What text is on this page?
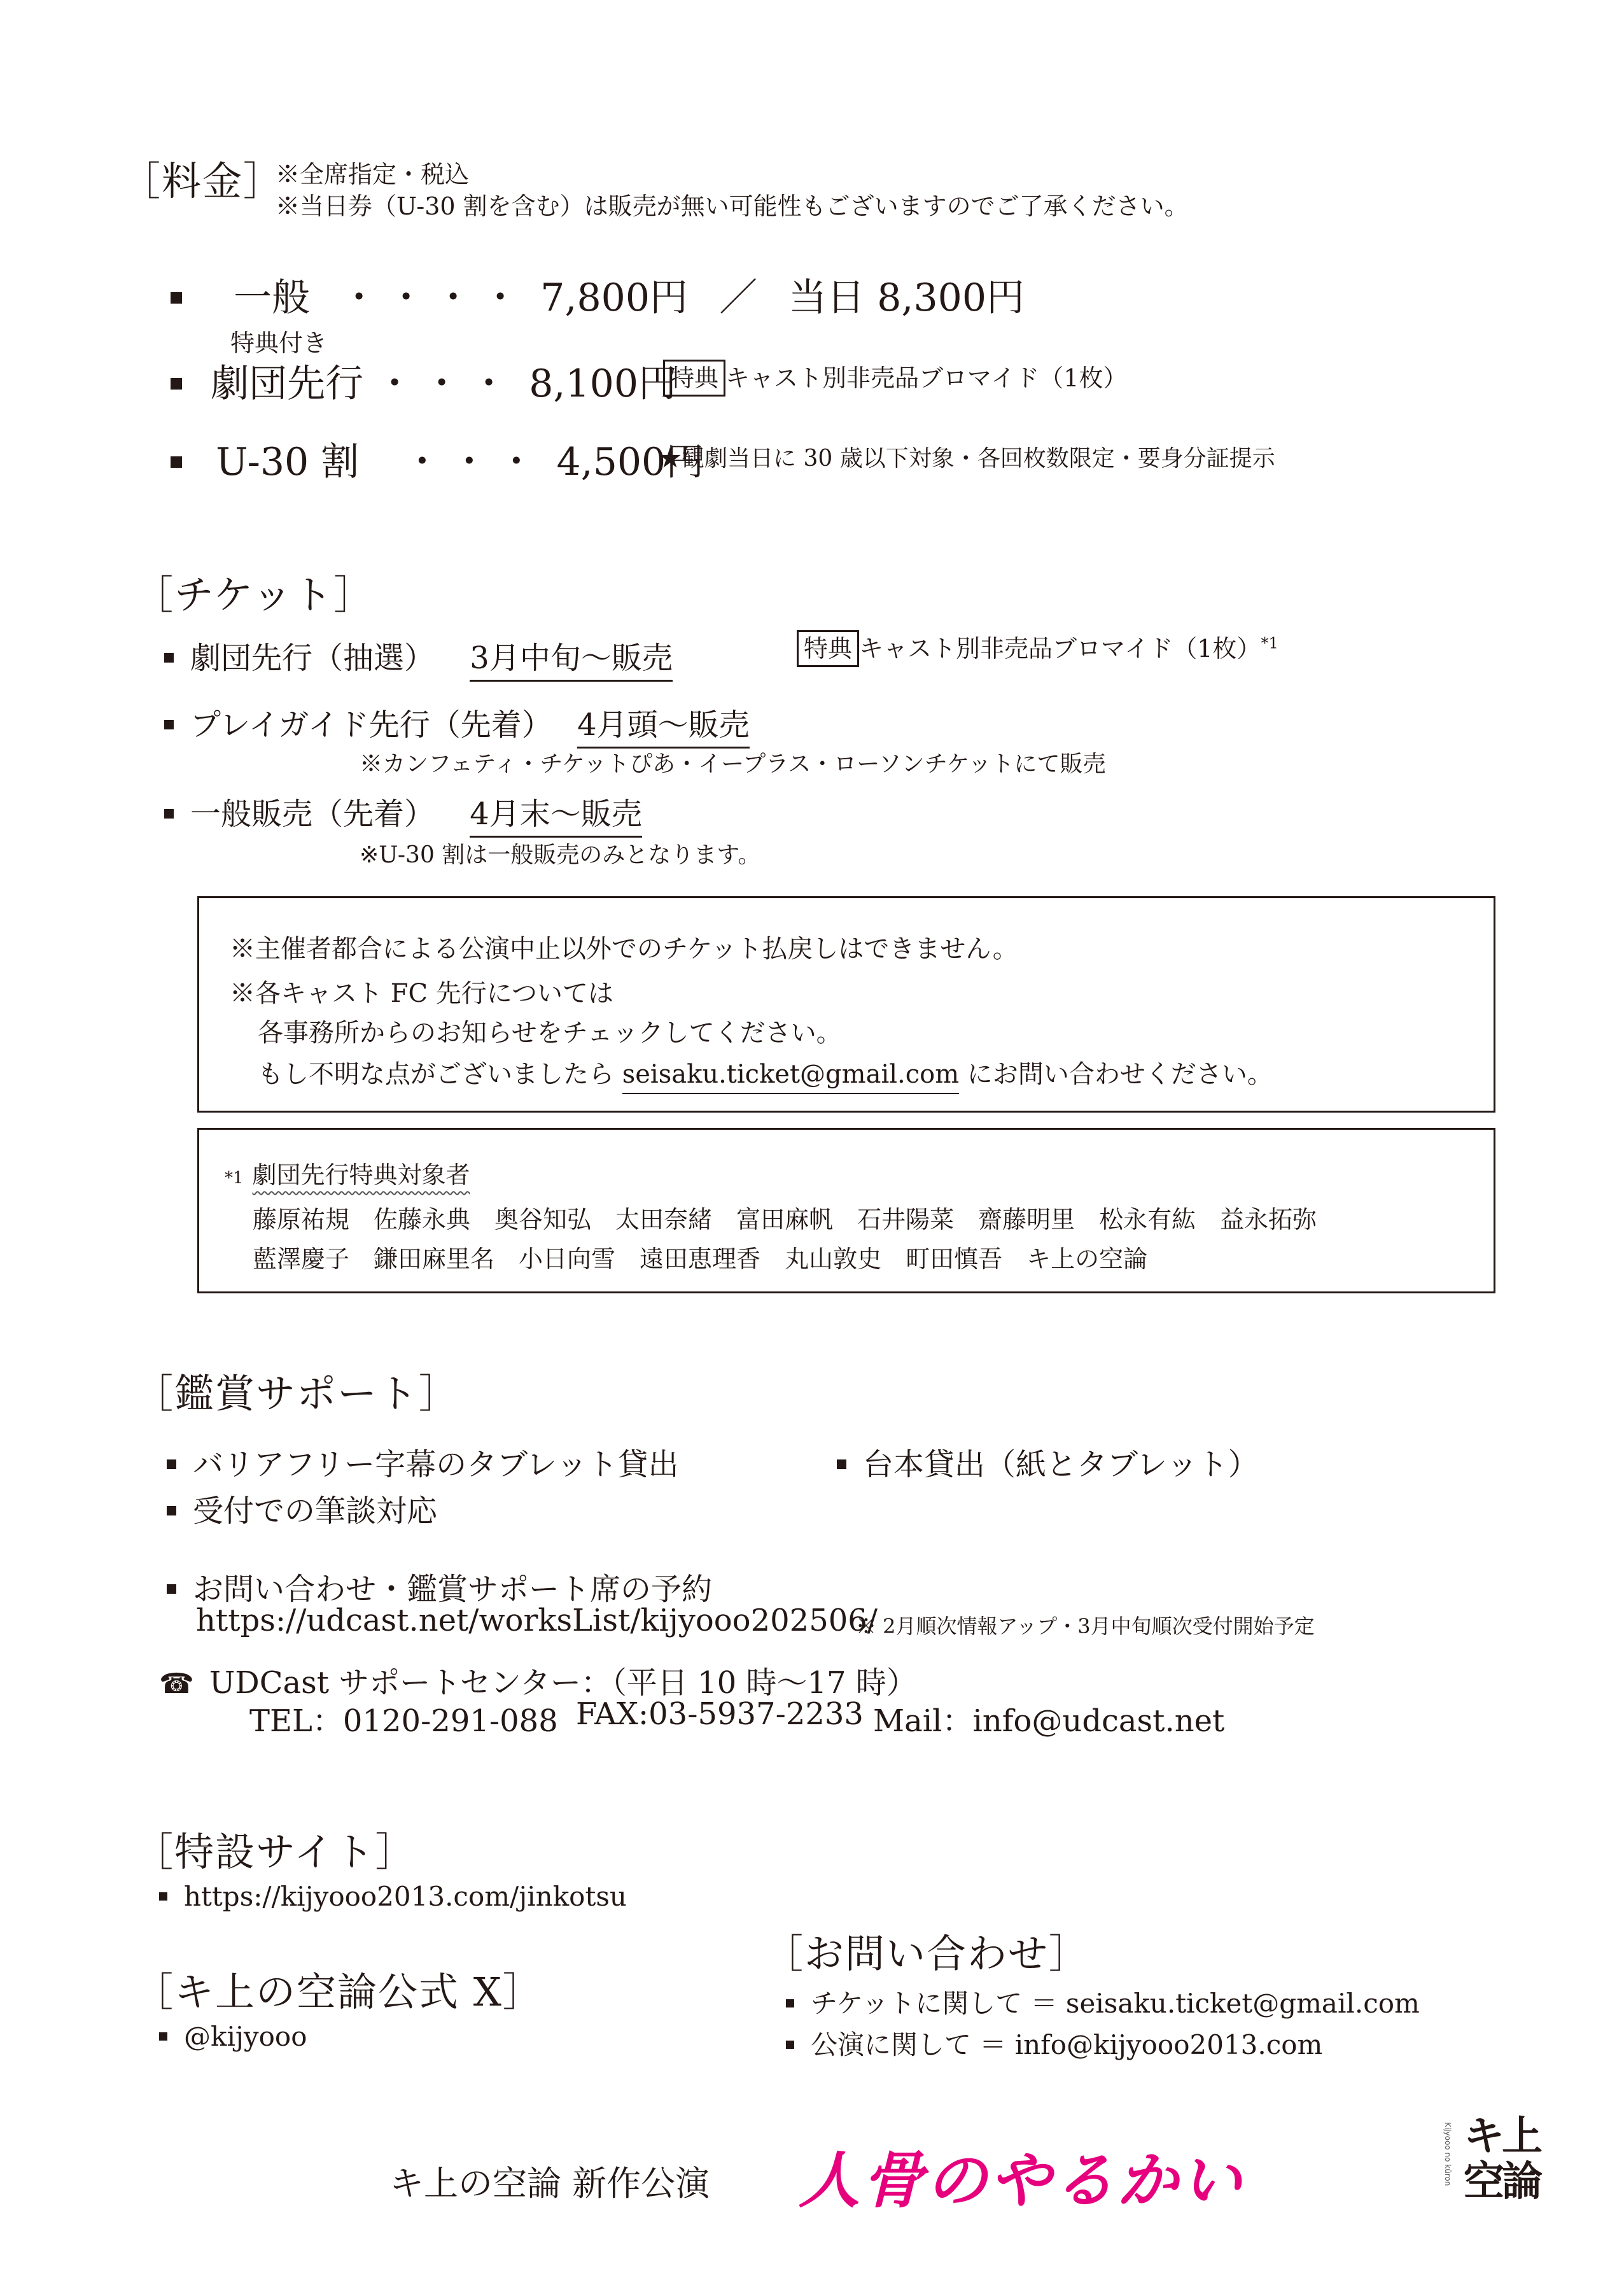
［料金］
※全席指定・税込
※当日券（U-30 割を含む）は販売が無い可能性もございますのでご了承ください。
一般 ・・・・ 7,800円 ／ 当日 8,300円
特典付き
劇団先行 ・・・ 8,100円
特典 キャスト別非売品ブロマイド（1枚）
U-30 割 ・・・ 4,500円
★観劇当日に 30 歳以下対象・各回枚数限定・要身分証提示
［チケット］
劇団先行（抽選） 3月中旬〜販売	特典 キャスト別非売品ブロマイド（1枚）$^{*1}$
プレイガイド先行（先着） 4月頭〜販売
※カンフェティ・チケットぴあ・イープラス・ローソンチケットにて販売
一般販売（先着） 4月末〜販売
※U-30 割は一般販売のみとなります。
※主催者都合による公演中止以外でのチケット払戻しはできません。
※各キャスト FC 先行については
各事務所からのお知らせをチェックしてください。
もし不明な点がございましたら seisaku.ticket@gmail.com にお問い合わせください。
*1 劇団先行特典対象者
藤原祐規 佐藤永典 奥谷知弘 太田奈緒 富田麻帆 石井陽菜 齋藤明里 松永有紘 益永拓弥
藍澤慶子 鎌田麻里名 小日向雪 遠田恵理香 丸山敦史 町田慎吾 キ上の空論
［鑑賞サポート］
バリアフリー字幕のタブレット貸出	台本貸出（紙とタブレット）
受付での筆談対応
お問い合わせ・鑑賞サポート席の予約
https://udcast.net/worksList/kijyooo202506/
※ 2月順次情報アップ・3月中旬順次受付開始予定
☎ UDCast サポートセンター：（平日 10 時〜17 時）
TEL：0120-291-088 FAX:03-5937-2233 Mail：info@udcast.net
［特設サイト］
https://kijyooo2013.com/jinkotsu
［キ上の空論公式 X］
@kijyooo
［お問い合わせ］
チケットに関して ＝ seisaku.ticket@gmail.com
公演に関して ＝ info@kijyooo2013.com
キ上の空論 新作公演 人骨のやるかい
キ上
Kijyooo no kūron 空論
